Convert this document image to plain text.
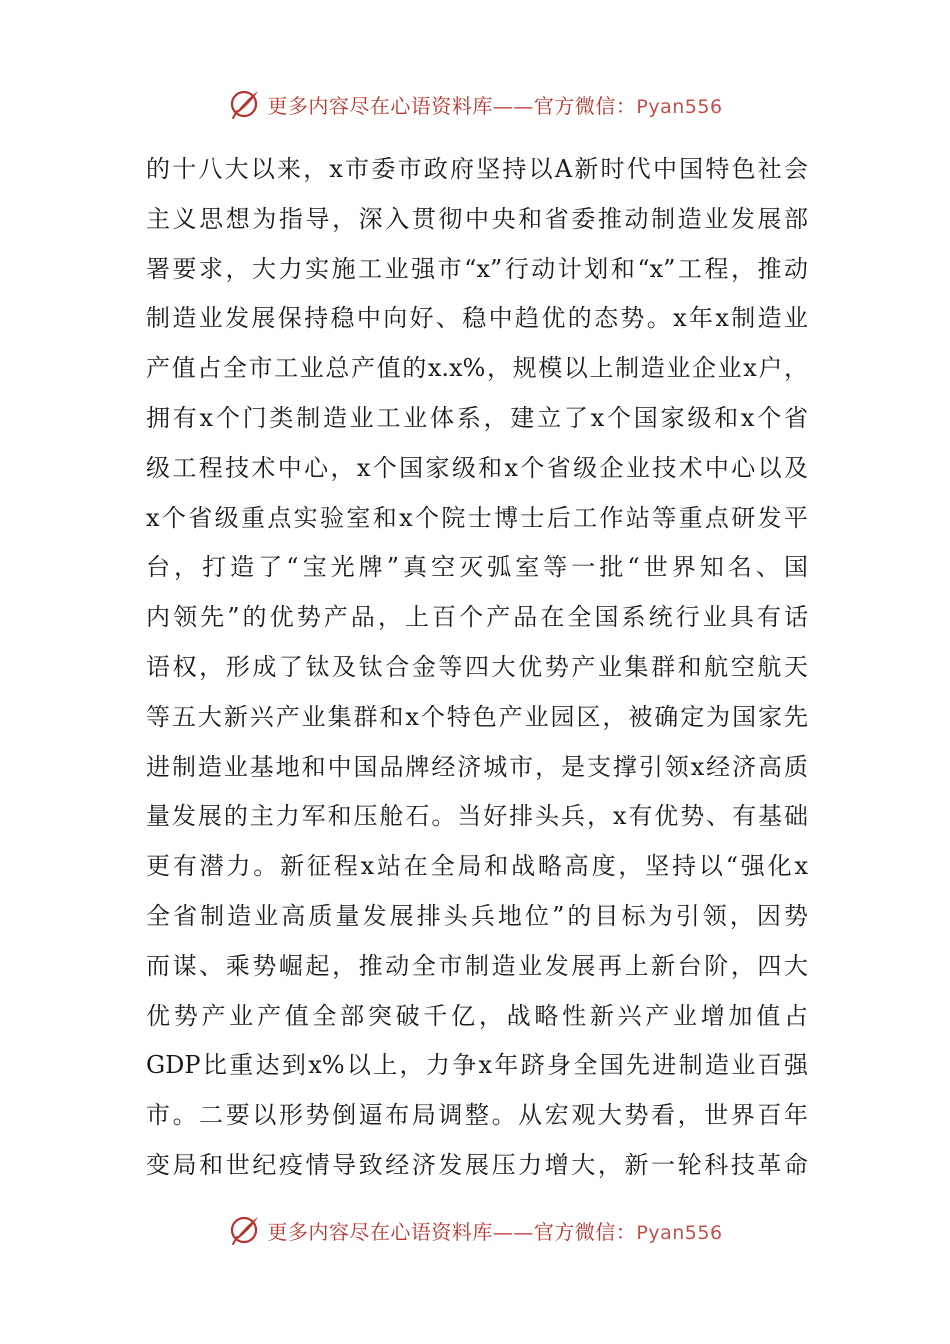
更多内容尽在心语资料库——官方微信：Pyan556
的十八大以来，x市委市政府坚持以A新时代中国特色社会
主义思想为指导，深入贯彻中央和省委推动制造业发展部
署要求，大力实施工业强市“x”行动计划和“x”工程，推动
制造业发展保持稳中向好、稳中趋优的态势。x年x制造业
产值占全市工业总产值的x.x%，规模以上制造业企业x户，
拥有x个门类制造业工业体系，建立了x个国家级和x个省
级工程技术中心，x个国家级和x个省级企业技术中心以及
x个省级重点实验室和x个院士博士后工作站等重点研发平
台，打造了“宝光牌”真空灭弧室等一批“世界知名、国
内领先”的优势产品，上百个产品在全国系统行业具有话
语权，形成了钛及钛合金等四大优势产业集群和航空航天
等五大新兴产业集群和x个特色产业园区，被确定为国家先
进制造业基地和中国品牌经济城市，是支撑引领x经济高质
量发展的主力军和压舱石。当好排头兵，x有优势、有基础
更有潜力。新征程x站在全局和战略高度，坚持以“强化x
全省制造业高质量发展排头兵地位”的目标为引领，因势
而谋、乘势崛起，推动全市制造业发展再上新台阶，四大
优势产业产值全部突破千亿，战略性新兴产业增加值占
GDP比重达到x%以上，力争x年跻身全国先进制造业百强
市。二要以形势倒逼布局调整。从宏观大势看，世界百年
变局和世纪疫情导致经济发展压力增大，新一轮科技革命
更多内容尽在心语资料库——官方微信：Pyan556
